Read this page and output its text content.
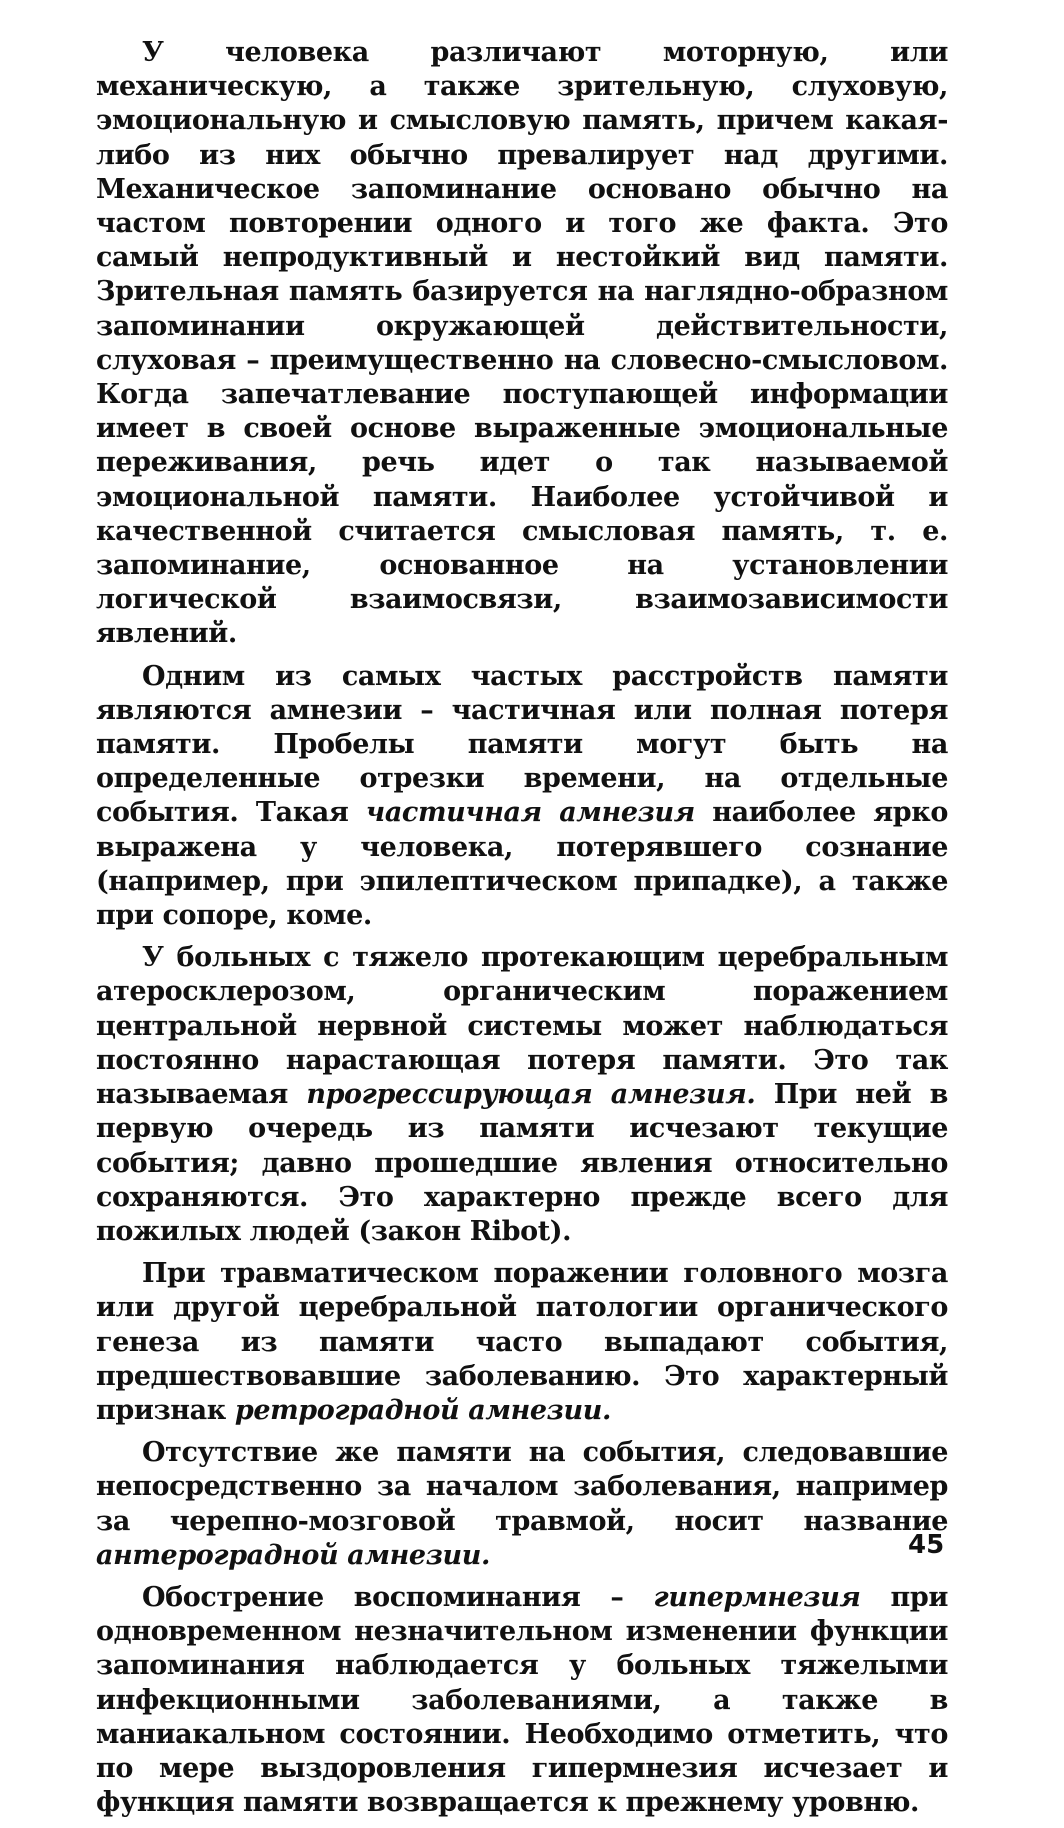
У человека различают моторную, или механическую, а также зрительную, слуховую, эмоциональную и смысловую память, причем какая-либо из них обычно превалирует над другими. Механическое запоминание основано обычно на частом повторении одного и того же факта. Это самый непродуктивный и нестойкий вид памяти. Зрительная память базируется на наглядно-образном запоминании окружающей действительности, слуховая – преимущественно на словесно-смысловом. Когда запечатлевание поступающей информации имеет в своей основе выраженные эмоциональные переживания, речь идет о так называемой эмоциональной памяти. Наиболее устойчивой и качественной считается смысловая память, т. е. запоминание, основанное на установлении логической взаимосвязи, взаимозависимости явлений.

Одним из самых частых расстройств памяти являются амнезии – частичная или полная потеря памяти. Пробелы памяти могут быть на определенные отрезки времени, на отдельные события. Такая частичная амнезия наиболее ярко выражена у человека, потерявшего сознание (например, при эпилептическом припадке), а также при сопоре, коме.

У больных с тяжело протекающим церебральным атеросклерозом, органическим поражением центральной нервной системы может наблюдаться постоянно нарастающая потеря памяти. Это так называемая прогрессирующая амнезия. При ней в первую очередь из памяти исчезают текущие события; давно прошедшие явления относительно сохраняются. Это характерно прежде всего для пожилых людей (закон Ribot).

При травматическом поражении головного мозга или другой церебральной патологии органического генеза из памяти часто выпадают события, предшествовавшие заболеванию. Это характерный признак ретроградной амнезии.

Отсутствие же памяти на события, следовавшие непосредственно за началом заболевания, например за черепно-мозговой травмой, носит название антероградной амнезии.

Обострение воспоминания – гипермнезия при одновременном незначительном изменении функции запоминания наблюдается у больных тяжелыми инфекционными заболеваниями, а также в маниакальном состоянии. Необходимо отметить, что по мере выздоровления гипермнезия исчезает и функция памяти возвращается к прежнему уровню.

45
